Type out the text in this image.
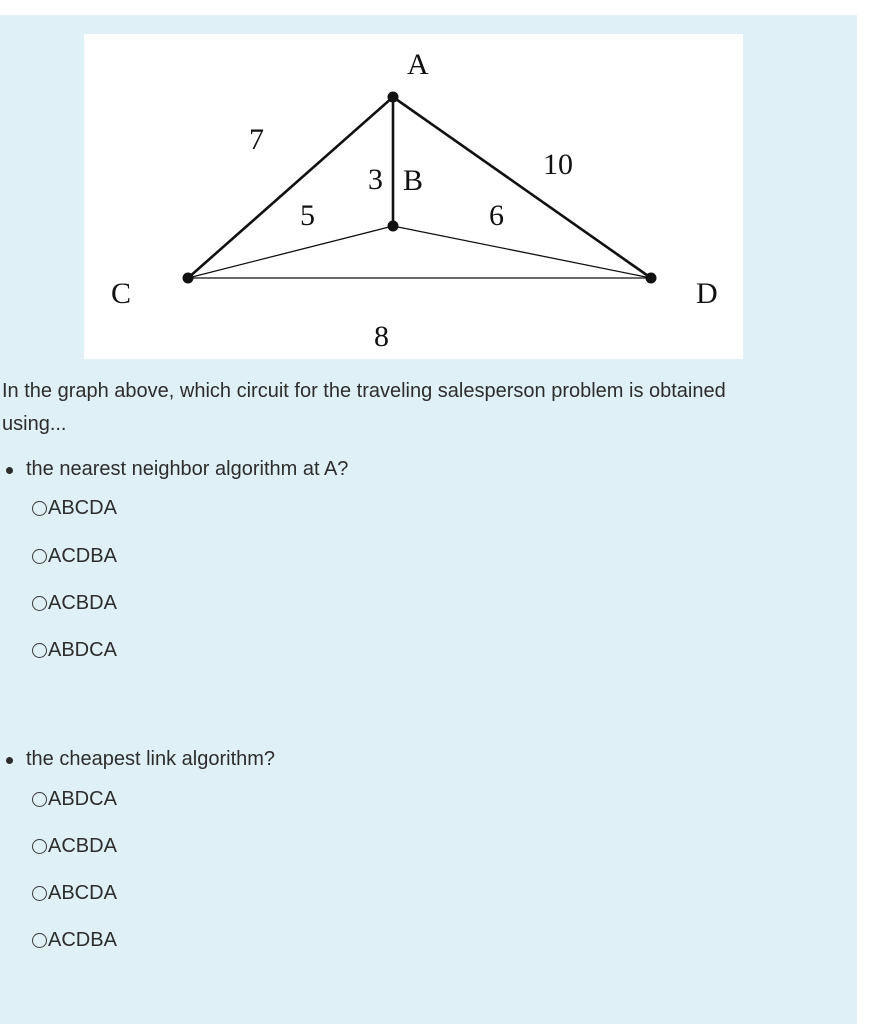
A
B
C	D
7
3	10
5	6
8

In the graph above, which circuit for the traveling salesperson problem is obtained using...

the nearest neighbor algorithm at A?

ABCDA
ACDBA
ACBDA
ABDCA

the cheapest link algorithm?

ABDCA
ACBDA
ABCDA
ACDBA
